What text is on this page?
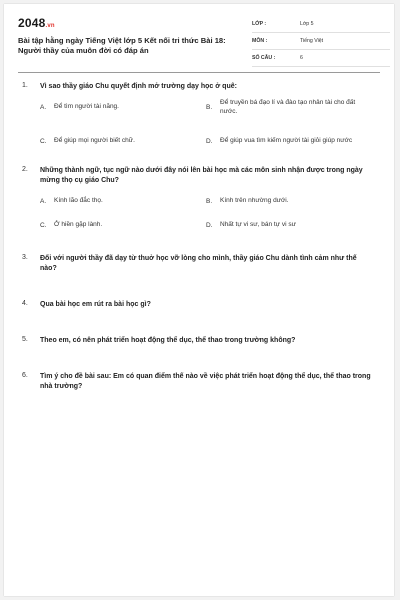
2048.vn
Bài tập hằng ngày Tiếng Việt lớp 5 Kết nối tri thức Bài 18: Người thầy của muôn đời có đáp án
LỚP :	Lớp 5
MÔN :	Tiếng Việt
SỐ CÂU :	6
1. Vì sao thầy giáo Chu quyết định mở trường dạy học ở quê:
A.	Để tìm người tài năng.	B.
Để truyền bá đạo lí và đào tạo nhân tài cho đất nước.
C.	Để giúp mọi người biết chữ.	D.	Để giúp vua tìm kiếm người tài giỏi giúp nước
2. Những thành ngữ, tục ngữ nào dưới đây nói lên bài học mà các môn sinh nhận được trong ngày mừng thọ cụ giáo Chu?
A.	Kính lão đắc thọ.	B.	Kính trên nhường dưới.
C.	Ở hiền gặp lành.	D.	Nhất tự vi sư, bán tự vi sư
3. Đối với người thầy đã dạy từ thuở học vỡ lòng cho mình, thầy giáo Chu dành tình cảm như thế nào?
4. Qua bài học em rút ra bài học gì?
5. Theo em, có nên phát triển hoạt động thể dục, thể thao trong trường không?
6. Tìm ý cho đề bài sau: Em có quan điểm thế nào về việc phát triển hoạt động thể dục, thể thao trong nhà trường?
